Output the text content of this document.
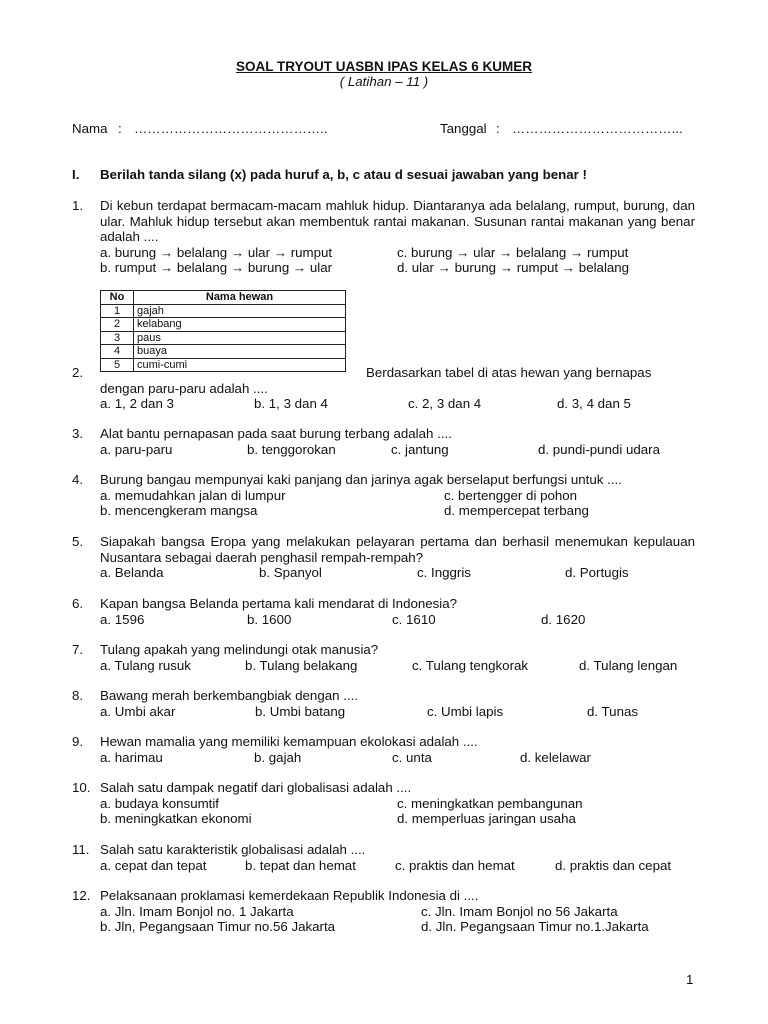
SOAL TRYOUT UASBN IPAS KELAS 6 KUMER
( Latihan – 11 )
Nama : ……………………………………..	Tanggal : ………………………………...
I. Berilah tanda silang (x) pada huruf a, b, c atau d sesuai jawaban yang benar !
1. Di kebun terdapat bermacam-macam mahluk hidup. Diantaranya ada belalang, rumput, burung, dan ular. Mahluk hidup tersebut akan membentuk rantai makanan. Susunan rantai makanan yang benar adalah ....
a. burung → belalang → ular → rumput	c. burung → ular → belalang → rumput
b. rumput → belalang → burung → ular	d. ular → burung → rumput → belalang
No	Nama hewan
1	gajah
2	kelabang
3	paus
4	buaya
5	cumi-cumi
2.	Berdasarkan tabel di atas hewan yang bernapas
dengan paru-paru adalah ....
a. 1, 2 dan 3	b. 1, 3 dan 4	c. 2, 3 dan 4	d. 3, 4 dan 5
3. Alat bantu pernapasan pada saat burung terbang adalah ....
a. paru-paru	b. tenggorokan	c. jantung	d. pundi-pundi udara
4. Burung bangau mempunyai kaki panjang dan jarinya agak berselaput berfungsi untuk ....
a. memudahkan jalan di lumpur	c. bertengger di pohon
b. mencengkeram mangsa	d. mempercepat terbang
5. Siapakah bangsa Eropa yang melakukan pelayaran pertama dan berhasil menemukan kepulauan Nusantara sebagai daerah penghasil rempah-rempah?
a. Belanda	b. Spanyol	c. Inggris	d. Portugis
6. Kapan bangsa Belanda pertama kali mendarat di Indonesia?
a. 1596	b. 1600	c. 1610	d. 1620
7. Tulang apakah yang melindungi otak manusia?
a. Tulang rusuk	b. Tulang belakang	c. Tulang tengkorak	d. Tulang lengan
8. Bawang merah berkembangbiak dengan ....
a. Umbi akar	b. Umbi batang	c. Umbi lapis	d. Tunas
9. Hewan mamalia yang memiliki kemampuan ekolokasi adalah ....
a. harimau	b. gajah	c. unta	d. kelelawar
10. Salah satu dampak negatif dari globalisasi adalah ....
a. budaya konsumtif	c. meningkatkan pembangunan
b. meningkatkan ekonomi	d. memperluas jaringan usaha
11. Salah satu karakteristik globalisasi adalah ....
a. cepat dan tepat	b. tepat dan hemat	c. praktis dan hemat	d. praktis dan cepat
12. Pelaksanaan proklamasi kemerdekaan Republik Indonesia di ....
a. Jln. Imam Bonjol no. 1 Jakarta	c. Jln. Imam Bonjol no 56 Jakarta
b. Jln, Pegangsaan Timur no.56 Jakarta	d. Jln. Pegangsaan Timur no.1.Jakarta
1
